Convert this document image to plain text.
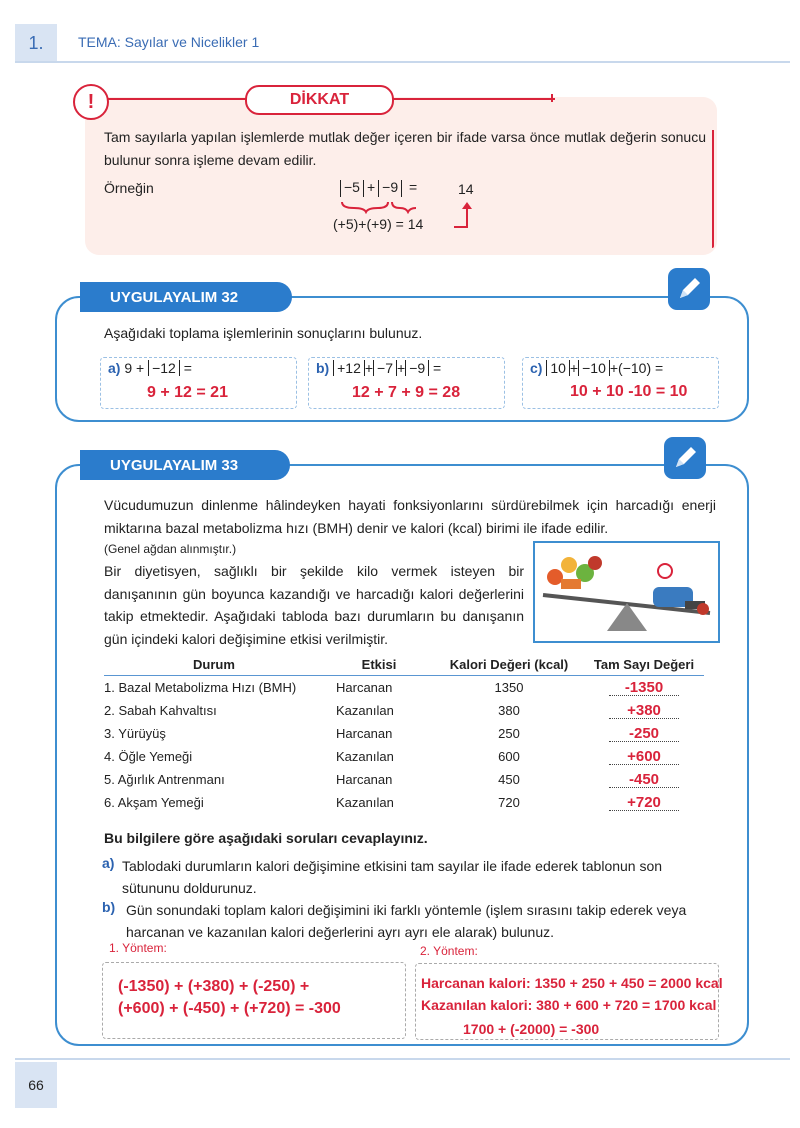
1.	TEMA: Sayılar ve Nicelikler 1
!	DİKKAT
Tam sayılarla yapılan işlemlerde mutlak değer içeren bir ifade varsa önce mutlak değerin sonucu bulunur sonra işleme devam edilir.
Örneğin	−5 + −9 =	14
(+5)+(+9) = 14
UYGULAYALIM 32
Aşağıdaki toplama işlemlerinin sonuçlarını bulunuz.
a) 9 + −12 =
9 + 12 = 21
b) +12 + −7 + −9 =
12 + 7 + 9 = 28
c) 10 + −10 +(−10) =
10 + 10 -10 = 10
UYGULAYALIM 33
Vücudumuzun dinlenme hâlindeyken hayati fonksiyonlarını sürdürebilmek için harcadığı enerji miktarına bazal metabolizma hızı (BMH) denir ve kalori (kcal) birimi ile ifade edilir.
(Genel ağdan alınmıştır.)
Bir diyetisyen, sağlıklı bir şekilde kilo vermek isteyen bir danışanının gün boyunca kazandığı ve harcadığı kalori değerlerini takip etmektedir. Aşağıdaki tabloda bazı durumların bu danışanın gün içindeki kalori değişimine etkisi verilmiştir.
Durum	Etkisi	Kalori Değeri (kcal)	Tam Sayı Değeri
1. Bazal Metabolizma Hızı (BMH)	Harcanan	1350	-1350
2. Sabah Kahvaltısı	Kazanılan	380	+380
3. Yürüyüş	Harcanan	250	-250
4. Öğle Yemeği	Kazanılan	600	+600
5. Ağırlık Antrenmanı	Harcanan	450	-450
6. Akşam Yemeği	Kazanılan	720	+720
Bu bilgilere göre aşağıdaki soruları cevaplayınız.
a) Tablodaki durumların kalori değişimine etkisini tam sayılar ile ifade ederek tablonun son sütununu doldurunuz.
b) Gün sonundaki toplam kalori değişimini iki farklı yöntemle (işlem sırasını takip ederek veya harcanan ve kazanılan kalori değerlerini ayrı ayrı ele alarak) bulunuz.
1. Yöntem:
(-1350) + (+380) + (-250) +
(+600) + (-450) + (+720) = -300
2. Yöntem:
Harcanan kalori: 1350 + 250 + 450 = 2000 kcal
Kazanılan kalori: 380 + 600 + 720 = 1700 kcal
1700 + (-2000) = -300
66
